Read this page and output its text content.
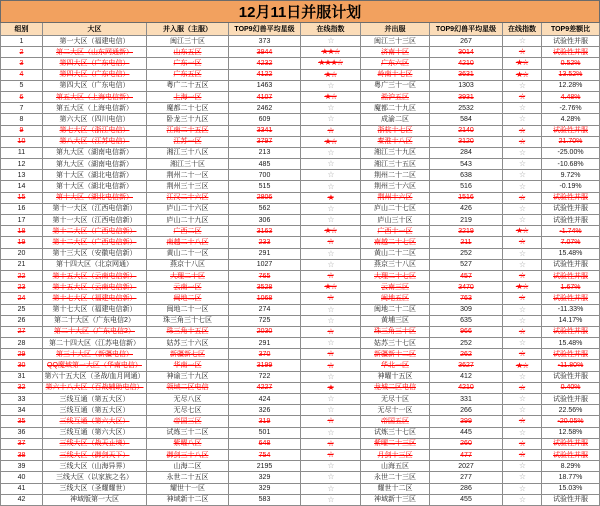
12月11日并服计划								
组别	大区	并入服（主服）	TOP9幻兽平均星级	在线指数	并出服	TOP9幻兽平均星级	在线指数	TOP9差额比
1	第一大区（福建电信）	闽江三十区	373	☆	闽江三十三区	267	☆	试验性并服
2	第二大区（山东网通新）	山东五区	3944	★★☆	济南十区	3014	☆	试验性并服
3	第四大区（广东电信）	广东一区	4232	★★★☆	广东六区	4210	★☆	0.52%
4	第四大区（广东电信）	广东五区	4122	★☆	岭南十七区	3631	★☆	13.52%
5	第四大区（广东电信）	粤广二十五区	1463	☆	粤广三十一区	1303	☆	12.28%
6	第五大区（上海电信新）	上海一区	4107	★☆	淞沪五区	3931	☆	4.48%
7	第五大区（上海电信新）	魔都二十七区	2462	☆	魔都二十九区	2532	☆	-2.76%
8	第六大区（四川电信）	卧龙三十九区	609	☆	成渝二区	584	☆	4.28%
9	第七大区（浙江电信）	江南二十五区	3341	☆	浙杭十七区	2140	☆	试验性并服
10	第八大区（江苏电信）	江苏一区	3797	★☆	秦淮十八区	3120	☆	21.70%
11	第九大区（湖南电信新）	湘江三十八区	213	☆	湘江三十九区	284	☆	-25.00%
12	第九大区（湖南电信新）	湘江三十区	485	☆	湘江三十五区	543	☆	-10.68%
13	第十大区（湖北电信新）	荆州二十一区	700	☆	荆州二十二区	638	☆	9.72%
14	第十大区（湖北电信新）	荆州三十三区	515	☆	荆州三十六区	516	☆	-0.19%
15	第十大区（湖北电信新）	江汉二十六区	2806	★	荆州十六区	1516	☆	试验性并服
16	第十一大区（江西电信新）	庐山二十六区	562	☆	庐山二十七区	426	☆	试验性并服
17	第十一大区（江西电信新）	庐山二十九区	306	☆	庐山三十区	219	☆	试验性并服
18	第十二大区（广西电信新）	广西二区	3163	★☆	广西十一区	3219	★☆	-1.74%
19	第十二大区（广西电信新）	南越二十八区	233	☆	南越二十七区	211	☆	7.07%
20	第十三大区（安徽电信新）	黄山二十一区	291	☆	黄山二十二区	252	☆	15.48%
21	第十四大区（北京网通）	燕京十八区	1027	☆	燕京三十八区	527	☆	试验性并服
22	第十五大区（云南电信新）	大理二十区	765	☆	大理二十七区	457	☆	试验性并服
23	第十五大区（云南电信新）	云南一区	3528	★☆	云南三区	3470	★☆	1.67%
24	第十七大区（福建电信新）	闽地二区	1068	☆	闽地五区	763	☆	试验性并服
25	第十七大区（福建电信新）	闽地二十一区	274	☆	闽地二十二区	309	☆	-11.33%
26	第二十大区（广东电信2）	珠三角三十七区	725	☆	黄埔三区	635	☆	14.17%
27	第二十大区（广东电信2）	珠三角十五区	2030	☆	珠三角三十区	966	☆	试验性并服
28	第二十四大区（江苏电信新）	姑苏三十六区	291	☆	姑苏三十七区	252	☆	15.48%
29	第三十大区（新疆电信）	新疆新七区	370	☆	新疆新十二区	262	☆	试验性并服
30	QQ魔域第一大区（华南电信）	华南一区	3199	☆	华北一区	3627	★☆	-11.80%
31	第六十五大区（圣战/血月网通）	神谕三十九区	722	☆	神曜十五区	412	☆	试验性并服
32	第六十八大区（百战辅助电信）	领域二区电信	4227	★	龙城二区电信	4210	☆	0.40%
33	三线互通（第五大区）	无尽八区	424	☆	无尽十区	331	☆	试验性并服
34	三线互通（第五大区）	无尽七区	326	☆	无尽十一区	266	☆	22.56%
35	三线互通（第六大区）	帝国三区	319	☆	帝国五区	399	☆	-20.05%
36	三线互通（第六大区）	试炼三十二区	501	☆	试炼三十七区	445	☆	12.58%
37	三线大区（战天止境）	紫曜八区	648	☆	紫曜二十三区	260	☆	试验性并服
38	三线大区（御剑天下）	御剑三十八区	754	☆	月剑十三区	477	☆	试验性并服
39	三线大区（山海异界）	山海二区	2195	☆	山海五区	2027	☆	8.29%
40	三线大区（以家族之名）	永世二十五区	329	☆	永世二十三区	277	☆	18.77%
41	三线大区（圣耀耀世）	耀世十一区	329	☆	耀世十二区	286	☆	15.03%
42	神域版第一大区	神域新十二区	583	☆	神域新十三区	455	☆	试验性并服
